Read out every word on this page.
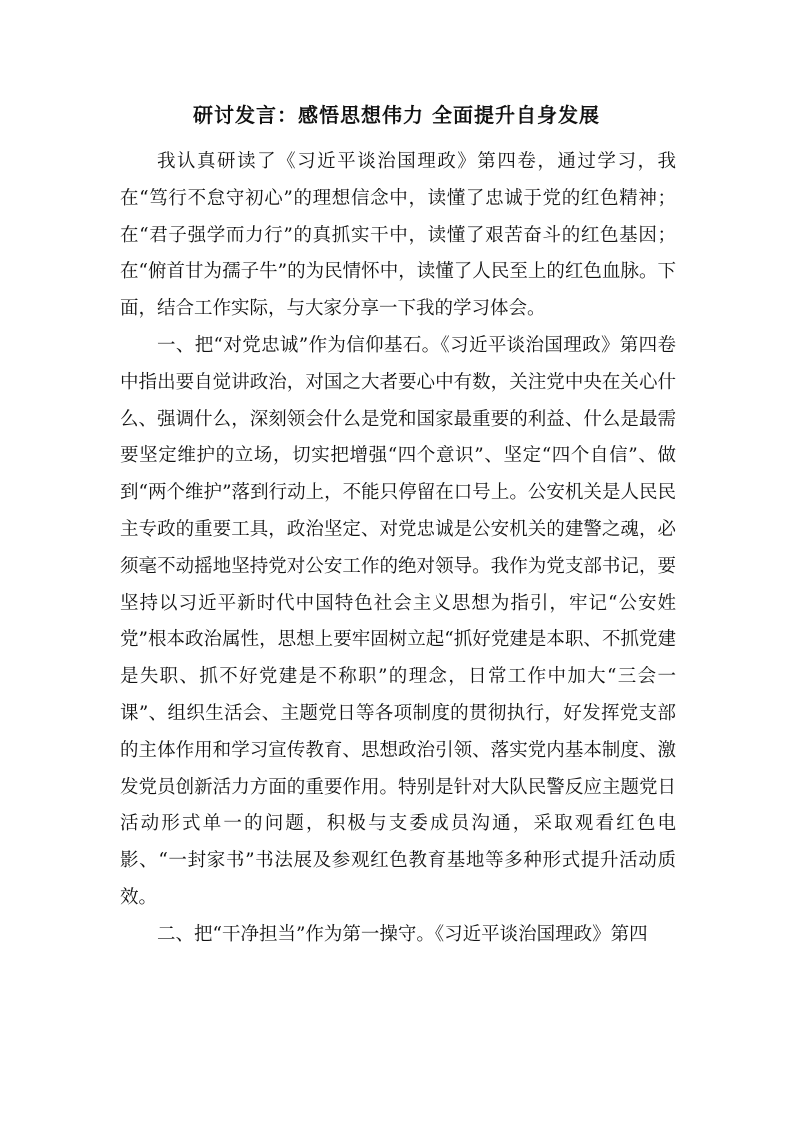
研讨发言：感悟思想伟力 全面提升自身发展

我认真研读了《习近平谈治国理政》第四卷，通过学习，我在“笃行不怠守初心”的理想信念中，读懂了忠诚于党的红色精神；在“君子强学而力行”的真抓实干中，读懂了艰苦奋斗的红色基因；在“俯首甘为孺子牛”的为民情怀中，读懂了人民至上的红色血脉。下面，结合工作实际，与大家分享一下我的学习体会。

一、把“对党忠诚”作为信仰基石。《习近平谈治国理政》第四卷中指出要自觉讲政治，对国之大者要心中有数，关注党中央在关心什么、强调什么，深刻领会什么是党和国家最重要的利益、什么是最需要坚定维护的立场，切实把增强“四个意识”、坚定“四个自信”、做到“两个维护”落到行动上，不能只停留在口号上。公安机关是人民民主专政的重要工具，政治坚定、对党忠诚是公安机关的建警之魂，必须毫不动摇地坚持党对公安工作的绝对领导。我作为党支部书记，要坚持以习近平新时代中国特色社会主义思想为指引，牢记“公安姓党”根本政治属性，思想上要牢固树立起“抓好党建是本职、不抓党建是失职、抓不好党建是不称职”的理念，日常工作中加大“三会一课”、组织生活会、主题党日等各项制度的贯彻执行，好发挥党支部的主体作用和学习宣传教育、思想政治引领、落实党内基本制度、激发党员创新活力方面的重要作用。特别是针对大队民警反应主题党日活动形式单一的问题，积极与支委成员沟通，采取观看红色电影、“一封家书”书法展及参观红色教育基地等多种形式提升活动质效。

二、把“干净担当”作为第一操守。《习近平谈治国理政》第四
